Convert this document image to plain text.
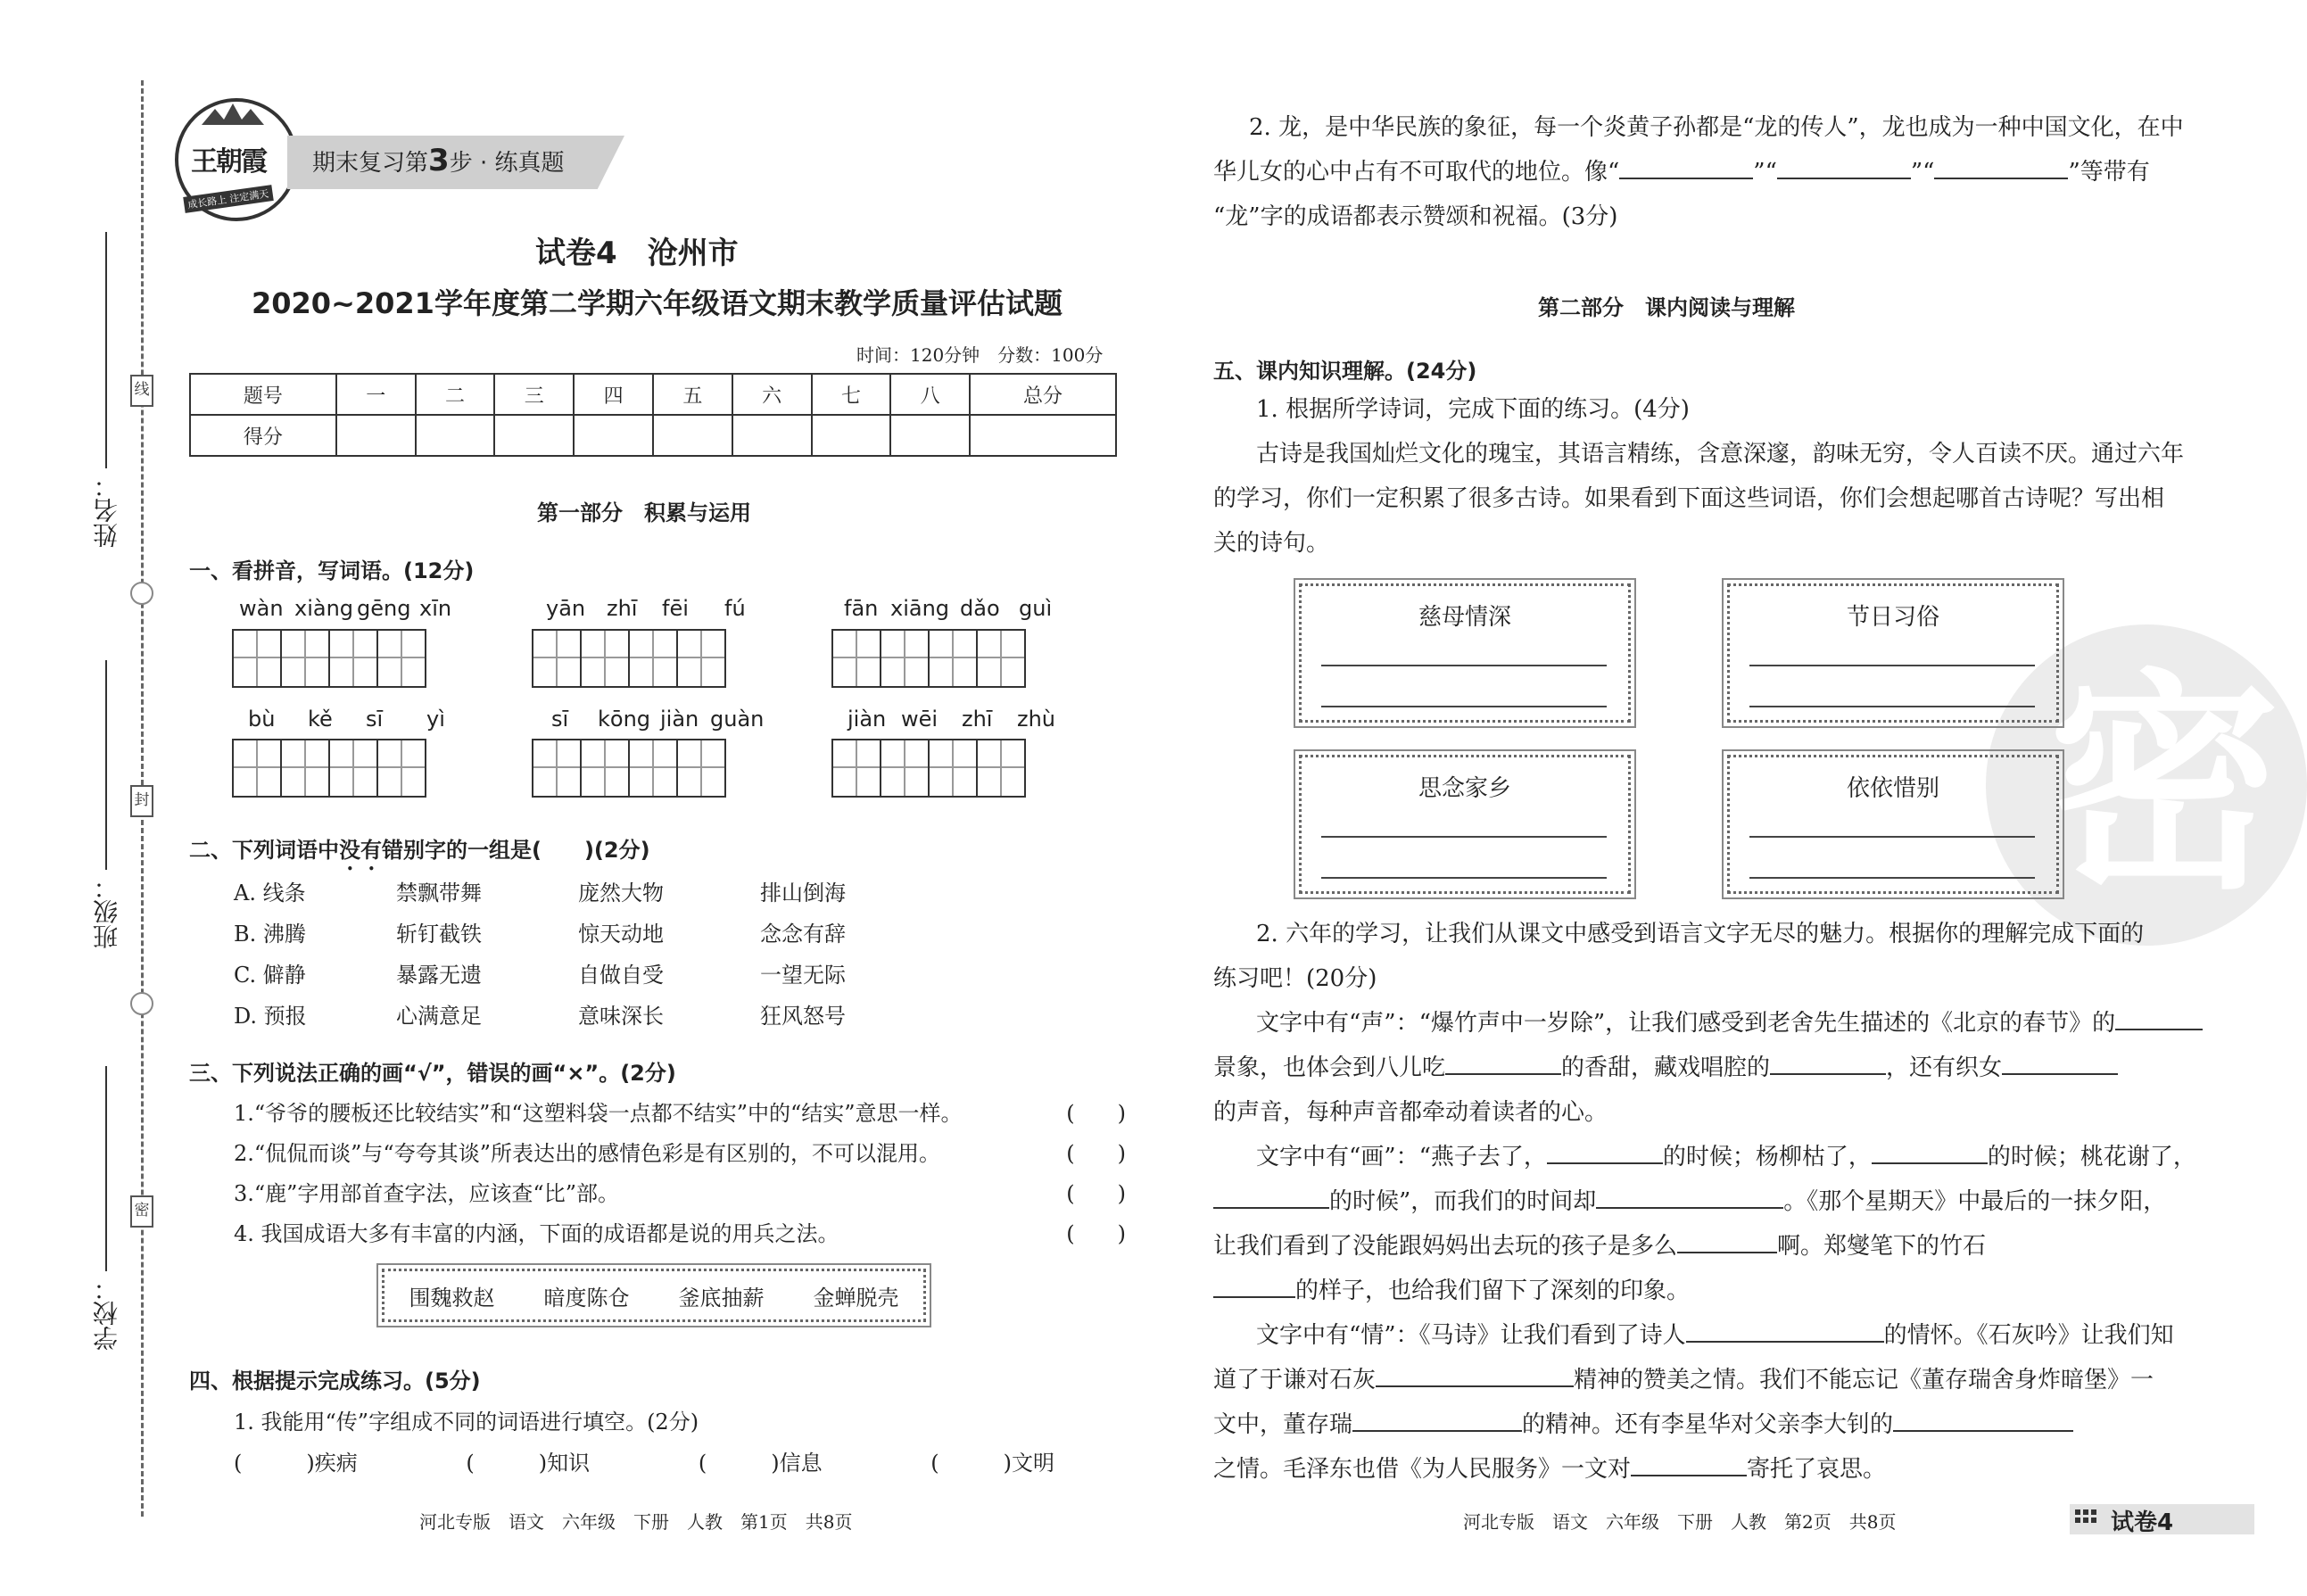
线
封
密
姓名：
班级：
学校：
王朝霞
成长路上 注定满天
期末复习第3步 · 练真题
试卷4　沧州市
2020~2021学年度第二学期六年级语文期末教学质量评估试题
时间：120分钟　分数：100分
题号	一	二	三	四	五	六	七	八	总分
得分									
第一部分　积累与运用
一、看拼音，写词语。(12分)
wàn xiàng gēng xīn	yān zhī fēi fú	fān xiāng dǎo guì
bù kě sī yì	sī kōng jiàn guàn	jiàn wēi zhī zhù
二、下列词语中没有错别字的一组是(　　)(2分)
A. 线条	禁飘带舞	庞然大物	排山倒海
B. 沸腾	斩钉截铁	惊天动地	念念有辞
C. 僻静	暴露无遗	自做自受	一望无际
D. 预报	心满意足	意味深长	狂风怒号
三、下列说法正确的画“√”，错误的画“×”。(2分)
1.“爷爷的腰板还比较结实”和“这塑料袋一点都不结实”中的“结实”意思一样。	(　　)
2.“侃侃而谈”与“夸夸其谈”所表达出的感情色彩是有区别的，不可以混用。	(　　)
3.“鹿”字用部首查字法，应该查“比”部。	(　　)
4. 我国成语大多有丰富的内涵，下面的成语都是说的用兵之法。	(　　)
围魏救赵 暗度陈仓 釜底抽薪 金蝉脱壳
四、根据提示完成练习。(5分)
1. 我能用“传”字组成不同的词语进行填空。(2分)
(　　　)疾病	(　　　)知识	(　　　)信息	(　　　)文明
河北专版　语文　六年级　下册　人教　第1页　共8页
密
2. 龙，是中华民族的象征，每一个炎黄子孙都是“龙的传人”，龙也成为一种中国文化，在中
华儿女的心中占有不可取代的地位。像“	”“	”“	”等带有
“龙”字的成语都表示赞颂和祝福。(3分)
第二部分　课内阅读与理解
五、课内知识理解。(24分)
1. 根据所学诗词，完成下面的练习。(4分)
古诗是我国灿烂文化的瑰宝，其语言精练，含意深邃，韵味无穷，令人百读不厌。通过六年
的学习，你们一定积累了很多古诗。如果看到下面这些词语，你们会想起哪首古诗呢？写出相
关的诗句。
慈母情深	节日习俗
思念家乡	依依惜别
2. 六年的学习，让我们从课文中感受到语言文字无尽的魅力。根据你的理解完成下面的
练习吧！(20分)
文字中有“声”：“爆竹声中一岁除”，让我们感受到老舍先生描述的《北京的春节》的
景象，也体会到八儿吃	的香甜，藏戏唱腔的	，还有织女
的声音，每种声音都牵动着读者的心。
文字中有“画”：“燕子去了，	的时候；杨柳枯了，	的时候；桃花谢了，
的时候”，而我们的时间却	。《那个星期天》中最后的一抹夕阳，
让我们看到了没能跟妈妈出去玩的孩子是多么	啊。郑燮笔下的竹石
的样子，也给我们留下了深刻的印象。
文字中有“情”：《马诗》让我们看到了诗人	的情怀。《石灰吟》让我们知
道了于谦对石灰	精神的赞美之情。我们不能忘记《董存瑞舍身炸暗堡》一
文中，董存瑞	的精神。还有李星华对父亲李大钊的
之情。毛泽东也借《为人民服务》一文对	寄托了哀思。
河北专版　语文　六年级　下册　人教　第2页　共8页	试卷4
